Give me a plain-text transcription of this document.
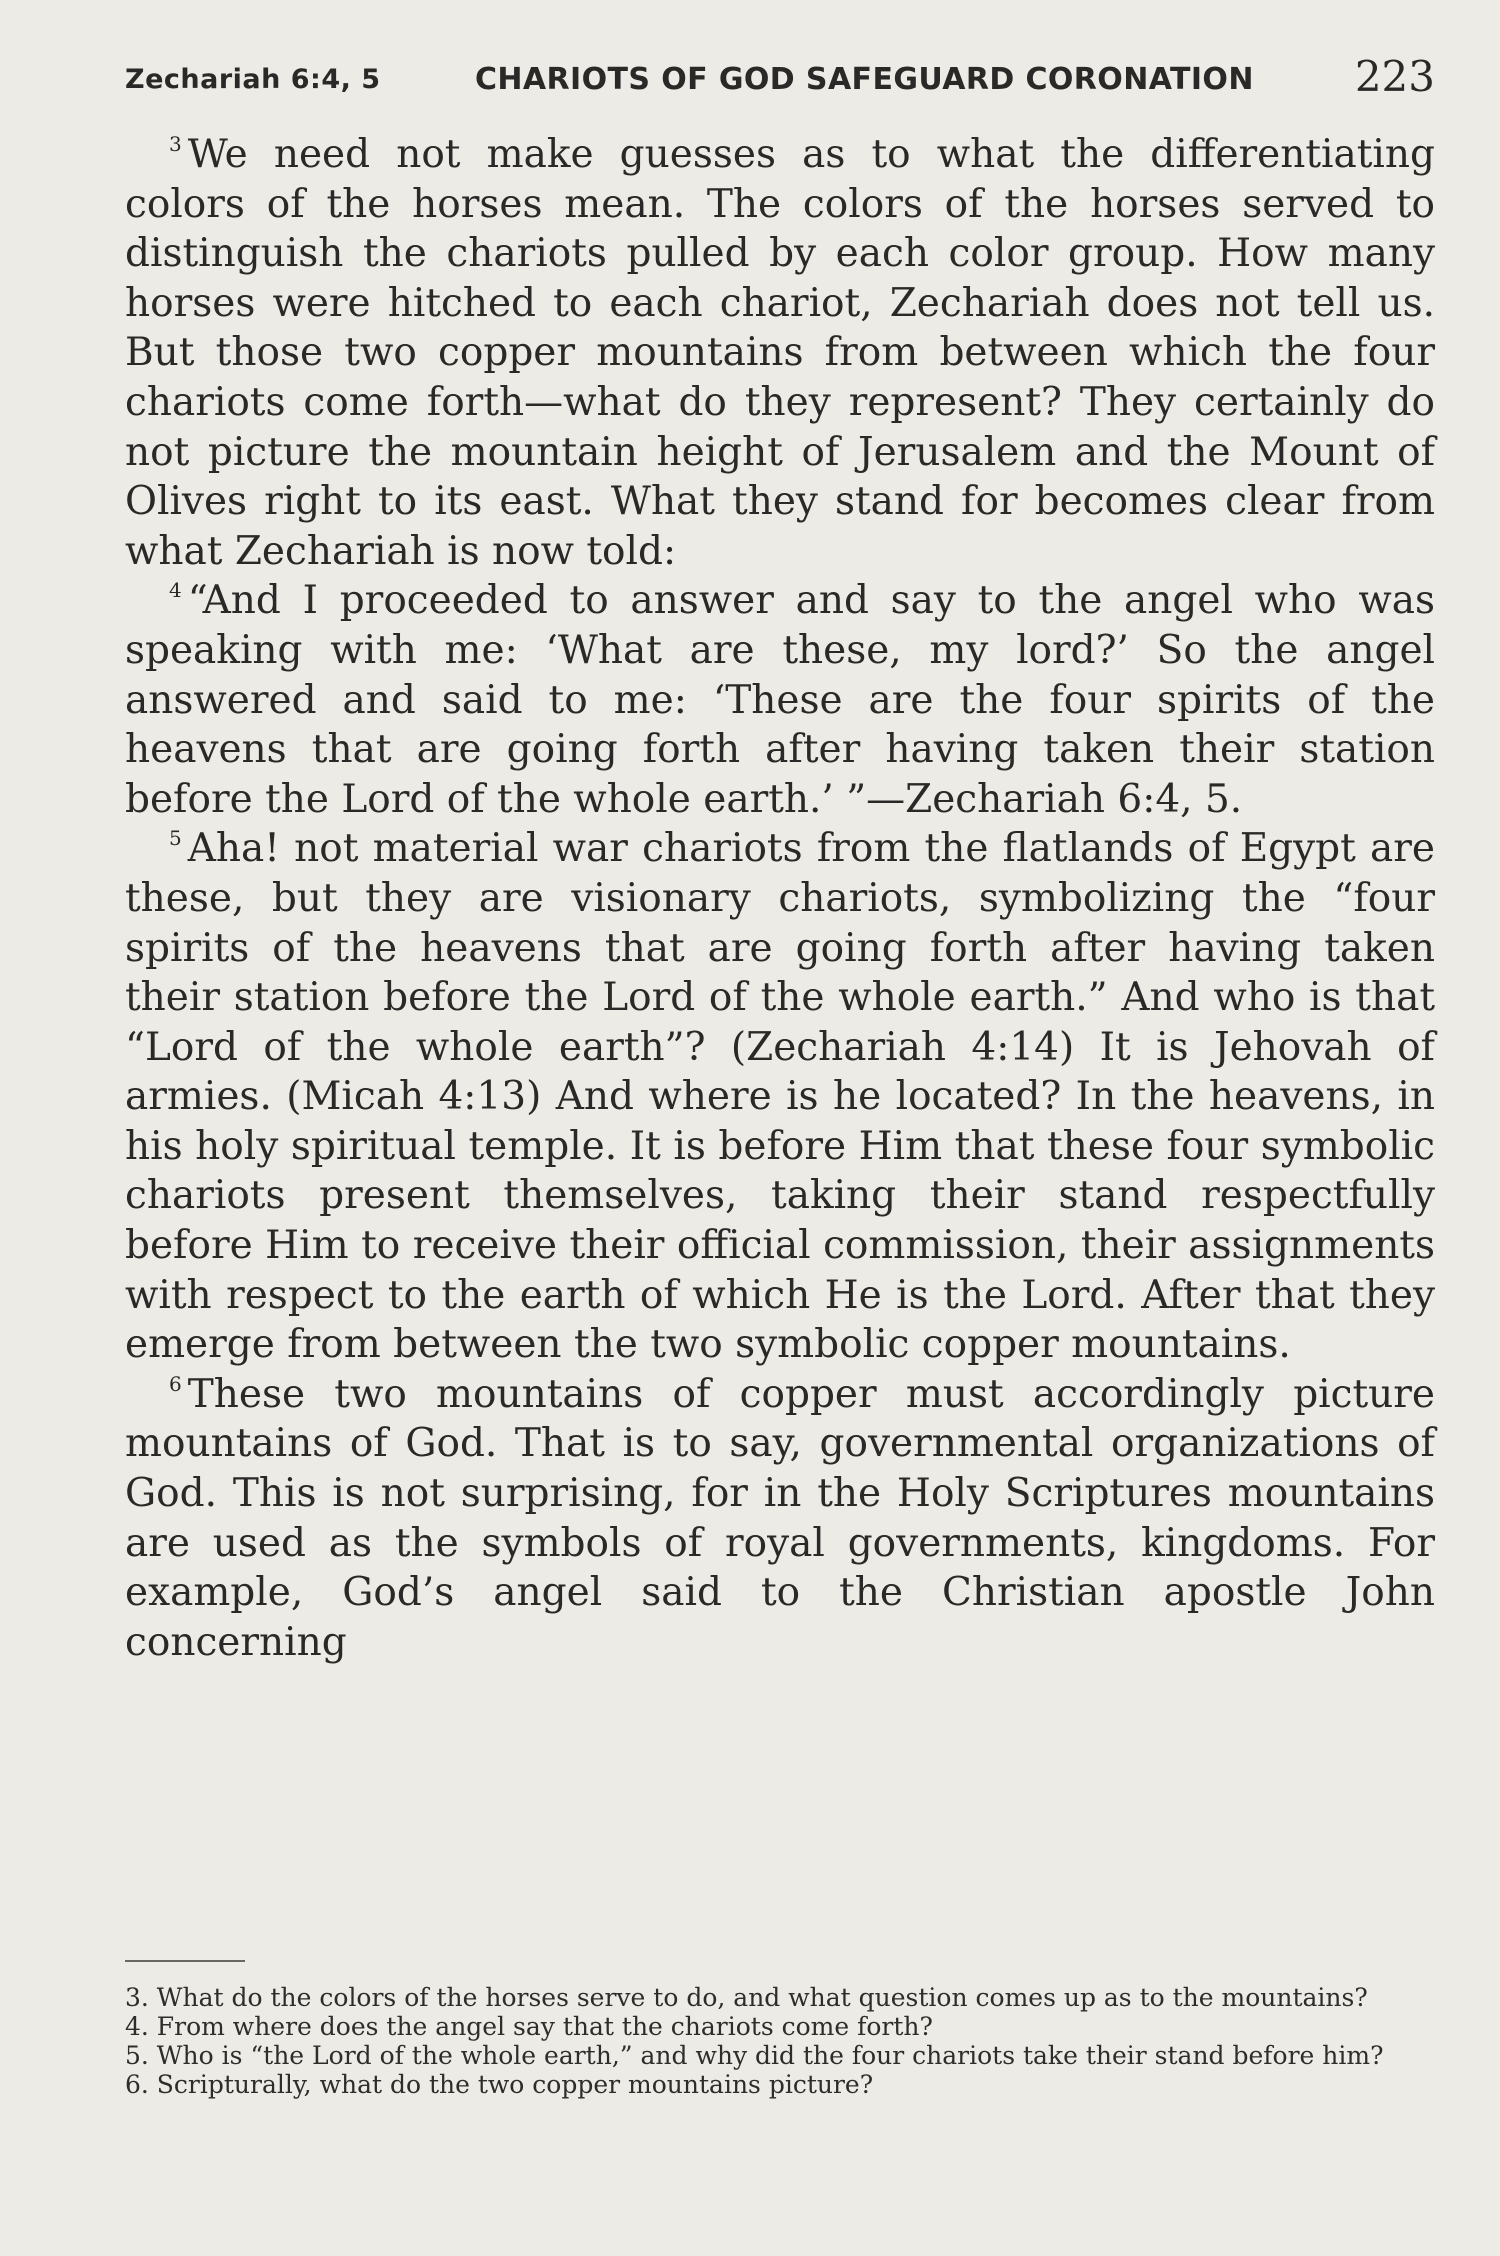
Zechariah 6:4, 5	CHARIOTS OF GOD SAFEGUARD CORONATION 223

$^3$ We need not make guesses as to what the differentiating colors of the horses mean. The colors of the horses served to distinguish the chariots pulled by each color group. How many horses were hitched to each chariot, Zechariah does not tell us. But those two copper mountains from between which the four chariots come forth—what do they represent? They certainly do not picture the mountain height of Jerusalem and the Mount of Olives right to its east. What they stand for becomes clear from what Zechariah is now told:

$^4$ “And I proceeded to answer and say to the angel who was speaking with me: ‘What are these, my lord?’ So the angel answered and said to me: ‘These are the four spirits of the heavens that are going forth after having taken their station before the Lord of the whole earth.’ ”—Zechariah 6:4, 5.

$^5$ Aha! not material war chariots from the flatlands of Egypt are these, but they are visionary chariots, symbolizing the “four spirits of the heavens that are going forth after having taken their station before the Lord of the whole earth.” And who is that “Lord of the whole earth”? (Zechariah 4:14) It is Jehovah of armies. (Micah 4:13) And where is he located? In the heavens, in his holy spiritual temple. It is before Him that these four symbolic chariots present themselves, taking their stand respectfully before Him to receive their official commission, their assignments with respect to the earth of which He is the Lord. After that they emerge from between the two symbolic copper mountains.

$^6$ These two mountains of copper must accordingly picture mountains of God. That is to say, governmental organizations of God. This is not surprising, for in the Holy Scriptures mountains are used as the symbols of royal governments, kingdoms. For example, God’s angel said to the Christian apostle John concerning

3. What do the colors of the horses serve to do, and what question comes up as to the mountains?
4. From where does the angel say that the chariots come forth?
5. Who is “the Lord of the whole earth,” and why did the four chariots take their stand before him?
6. Scripturally, what do the two copper mountains picture?
